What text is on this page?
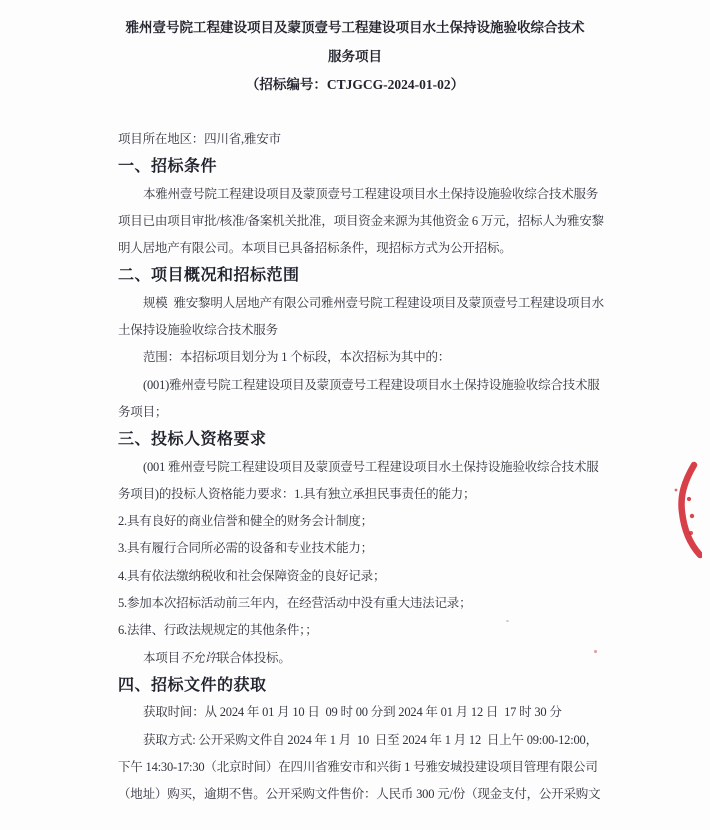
雅州壹号院工程建设项目及蒙顶壹号工程建设项目水土保持设施验收综合技术
服务项目
（招标编号：CTJGCG-2024-01-02）
项目所在地区：四川省,雅安市
一、招标条件
本雅州壹号院工程建设项目及蒙顶壹号工程建设项目水土保持设施验收综合技术服务
项目已由项目审批/核准/备案机关批准，项目资金来源为其他资金 6 万元，招标人为雅安黎
明人居地产有限公司。本项目已具备招标条件，现招标方式为公开招标。
二、项目概况和招标范围
规模  雅安黎明人居地产有限公司雅州壹号院工程建设项目及蒙顶壹号工程建设项目水
土保持设施验收综合技术服务
范围：本招标项目划分为 1 个标段，本次招标为其中的：
(001)雅州壹号院工程建设项目及蒙顶壹号工程建设项目水土保持设施验收综合技术服
务项目；
三、投标人资格要求
(001 雅州壹号院工程建设项目及蒙顶壹号工程建设项目水土保持设施验收综合技术服
务项目)的投标人资格能力要求：1.具有独立承担民事责任的能力；
2.具有良好的商业信誉和健全的财务会计制度；
3.具有履行合同所必需的设备和专业技术能力；
4.具有依法缴纳税收和社会保障资金的良好记录；
5.参加本次招标活动前三年内，在经营活动中没有重大违法记录；
6.法律、行政法规规定的其他条件；；
本项目不允许联合体投标。
四、招标文件的获取
获取时间：从 2024 年 01 月 10 日  09 时 00 分到 2024 年 01 月 12 日  17 时 30 分
获取方式: 公开采购文件自 2024 年 1 月  10  日至 2024 年 1 月 12  日上午 09:00-12:00，
下午 14:30-17:30（北京时间）在四川省雅安市和兴街 1 号雅安城投建设项目管理有限公司
（地址）购买，逾期不售。公开采购文件售价：人民币 300 元/份（现金支付，公开采购文
